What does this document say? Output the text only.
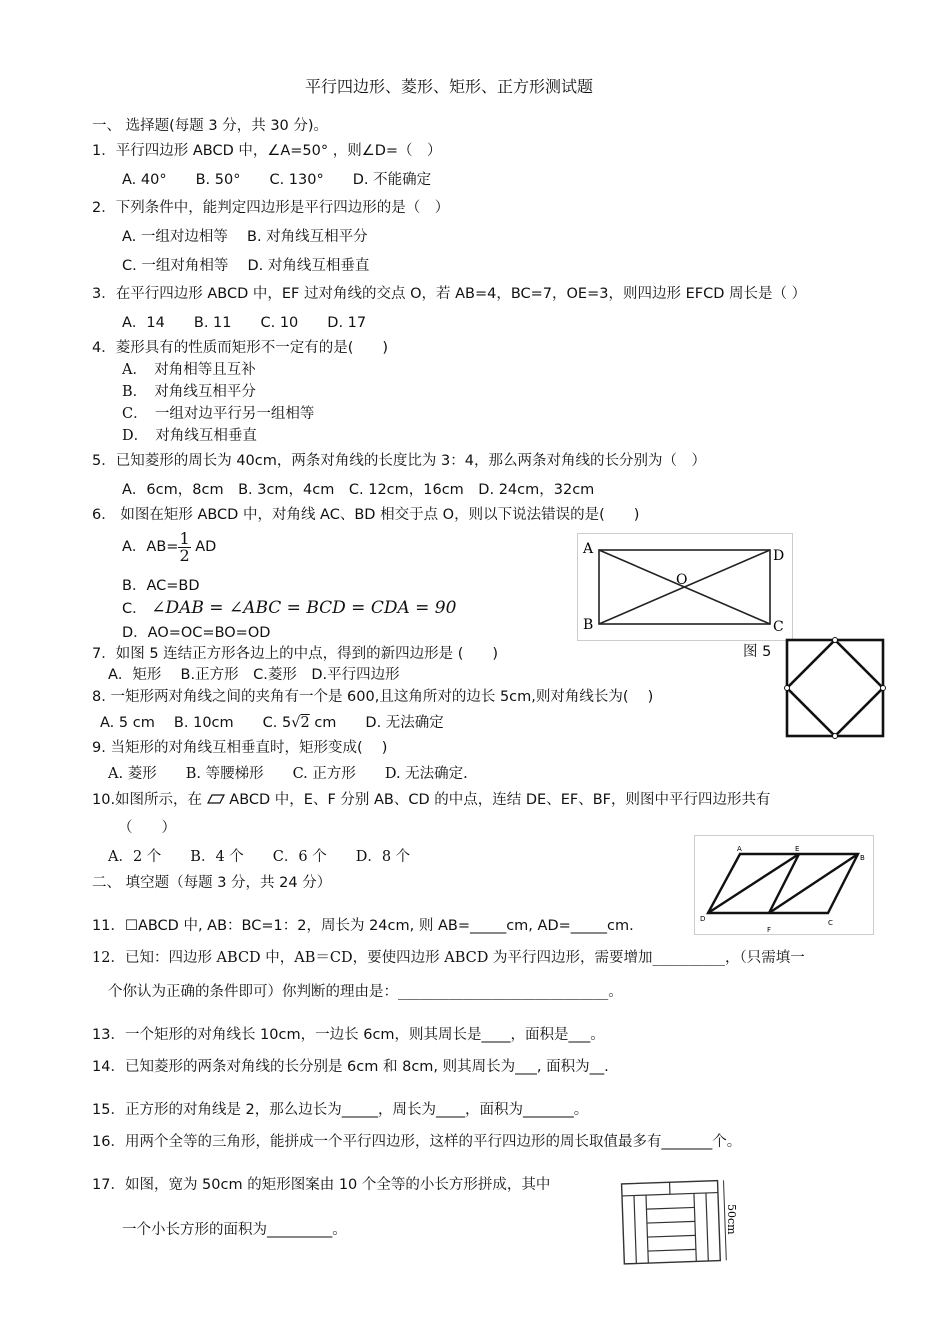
平行四边形、菱形、矩形、正方形测试题
一、 选择题(每题 3 分，共 30 分)。
1．平行四边形 ABCD 中，∠A=50° ，则∠D=（　）
A. 40°　　B. 50°　　C. 130°　　D. 不能确定
2．下列条件中，能判定四边形是平行四边形的是（　）
A. 一组对边相等　 B. 对角线互相平分
C. 一组对角相等　 D. 对角线互相垂直
3．在平行四边形 ABCD 中，EF 过对角线的交点 O，若 AB=4，BC=7，OE=3，则四边形 EFCD 周长是（ ）
A．14　　B. 11　　C. 10　　D. 17
4．菱形具有的性质而矩形不一定有的是(　　)
A．　对角相等且互补
B．　对角线互相平分
C．　一组对边平行另一组相等
D．　对角线互相垂直
5．已知菱形的周长为 40cm，两条对角线的长度比为 3：4，那么两条对角线的长分别为（　）
A．6cm，8cm　B. 3cm，4cm　C. 12cm，16cm　D. 24cm，32cm
6． 如图在矩形 ABCD 中，对角线 AC、BD 相交于点 O，则以下说法错误的是(　　)
A．$AB= \frac{1}{2}$ AD
B．AC=BD
C． ∠DAB = ∠ABC = BCD = CDA = 90
D．AO=OC=BO=OD
A
B	C
D
O
图 5
7．如图 5 连结正方形各边上的中点，得到的新四边形是 (　　)
A．矩形　 B.正方形　C.菱形　D.平行四边形
8. 一矩形两对角线之间的夹角有一个是 600,且这角所对的边长 5cm,则对角线长为(　 )
A. 5 cm　 B. 10cm　　C. 5√2 cm　　D. 无法确定
9. 当矩形的对角线互相垂直时，矩形变成(　 )
A. 菱形　　B. 等腰梯形　　C. 正方形　　D. 无法确定.
10.如图所示，在 ABCD 中，E、F 分别 AB、CD 的中点，连结 DE、EF、BF，则图中平行四边形共有
（　　）
A．2 个　　B．4 个　　C．6 个　　D．8 个	A	E
B
D	C
F
二、 填空题（每题 3 分，共 24 分）
11．☐ABCD 中, AB：BC=1：2，周长为 24cm, 则 AB=_____cm, AD=_____cm.
12．已知：四边形 ABCD 中，AB＝CD，要使四边形 ABCD 为平行四边形，需要增加__________，（只需填一
个你认为正确的条件即可）你判断的理由是：_____________________________。
13．一个矩形的对角线长 10cm，一边长 6cm，则其周长是____，面积是___。
14．已知菱形的两条对角线的长分别是 6cm 和 8cm, 则其周长为___, 面积为__.
15．正方形的对角线是 2，那么边长为_____，周长为____，面积为_______。
16．用两个全等的三角形，能拼成一个平行四边形，这样的平行四边形的周长取值最多有_______个。
17．如图，宽为 50cm 的矩形图案由 10 个全等的小长方形拼成，其中
一个小长方形的面积为_________。	50cm
